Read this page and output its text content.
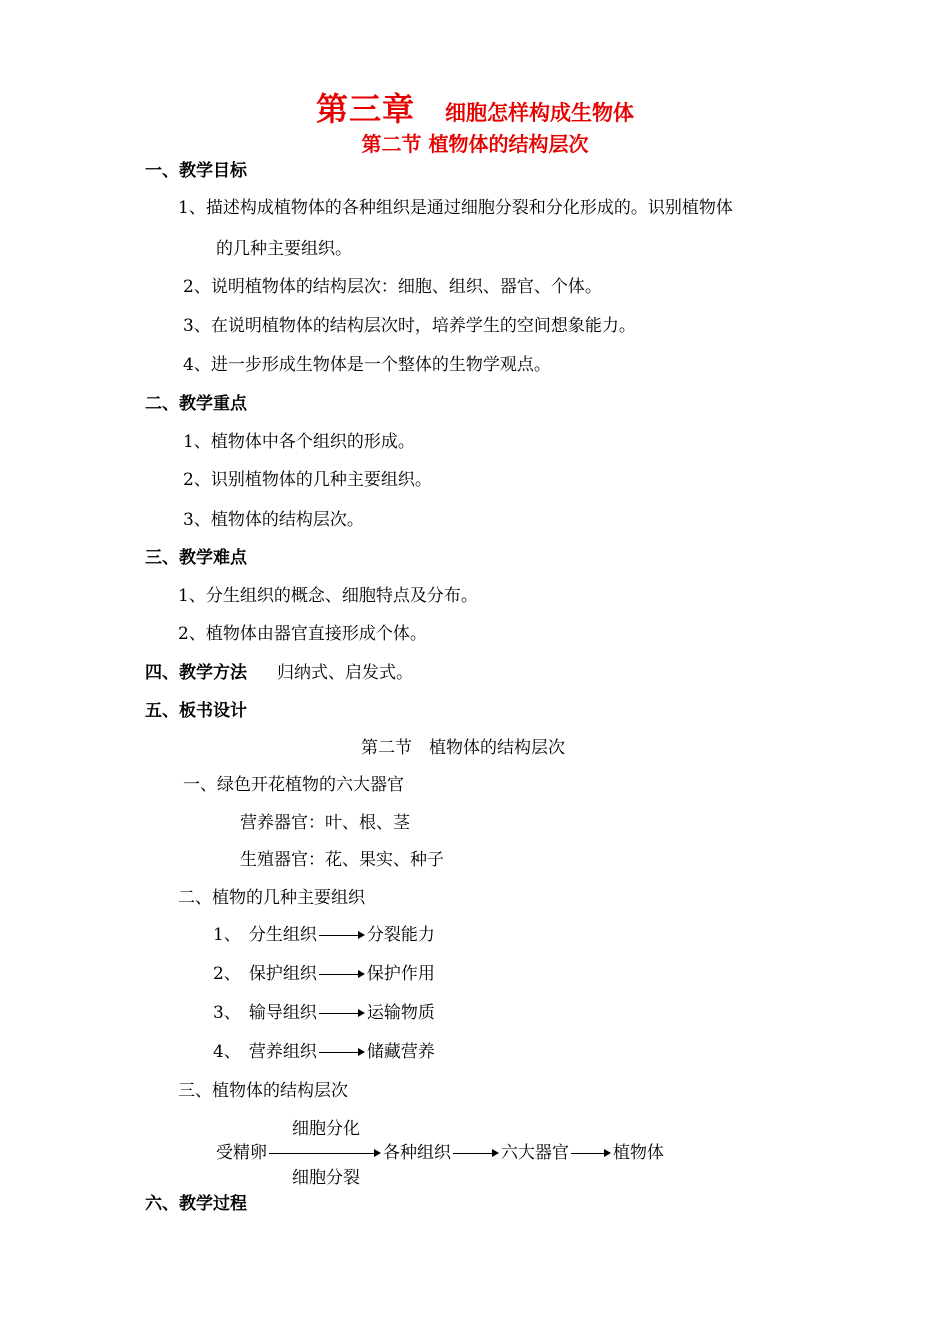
第三章 细胞怎样构成生物体
第二节 植物体的结构层次
一、教学目标
1、描述构成植物体的各种组织是通过细胞分裂和分化形成的。识别植物体
的几种主要组织。
2、说明植物体的结构层次：细胞、组织、器官、个体。
3、在说明植物体的结构层次时，培养学生的空间想象能力。
4、进一步形成生物体是一个整体的生物学观点。
二、教学重点
1、植物体中各个组织的形成。
2、识别植物体的几种主要组织。
3、植物体的结构层次。
三、教学难点
1、分生组织的概念、细胞特点及分布。
2、植物体由器官直接形成个体。
四、教学方法 归纳式、启发式。
五、板书设计
第二节　植物体的结构层次
一、绿色开花植物的六大器官
营养器官：叶、根、茎
生殖器官：花、果实、种子
二、植物的几种主要组织
1、 分生组织	分裂能力
2、 保护组织	保护作用
3、 输导组织	运输物质
4、 营养组织	储藏营养
三、植物体的结构层次
细胞分化
受精卵	各种组织	六大器官	植物体
细胞分裂
六、教学过程
